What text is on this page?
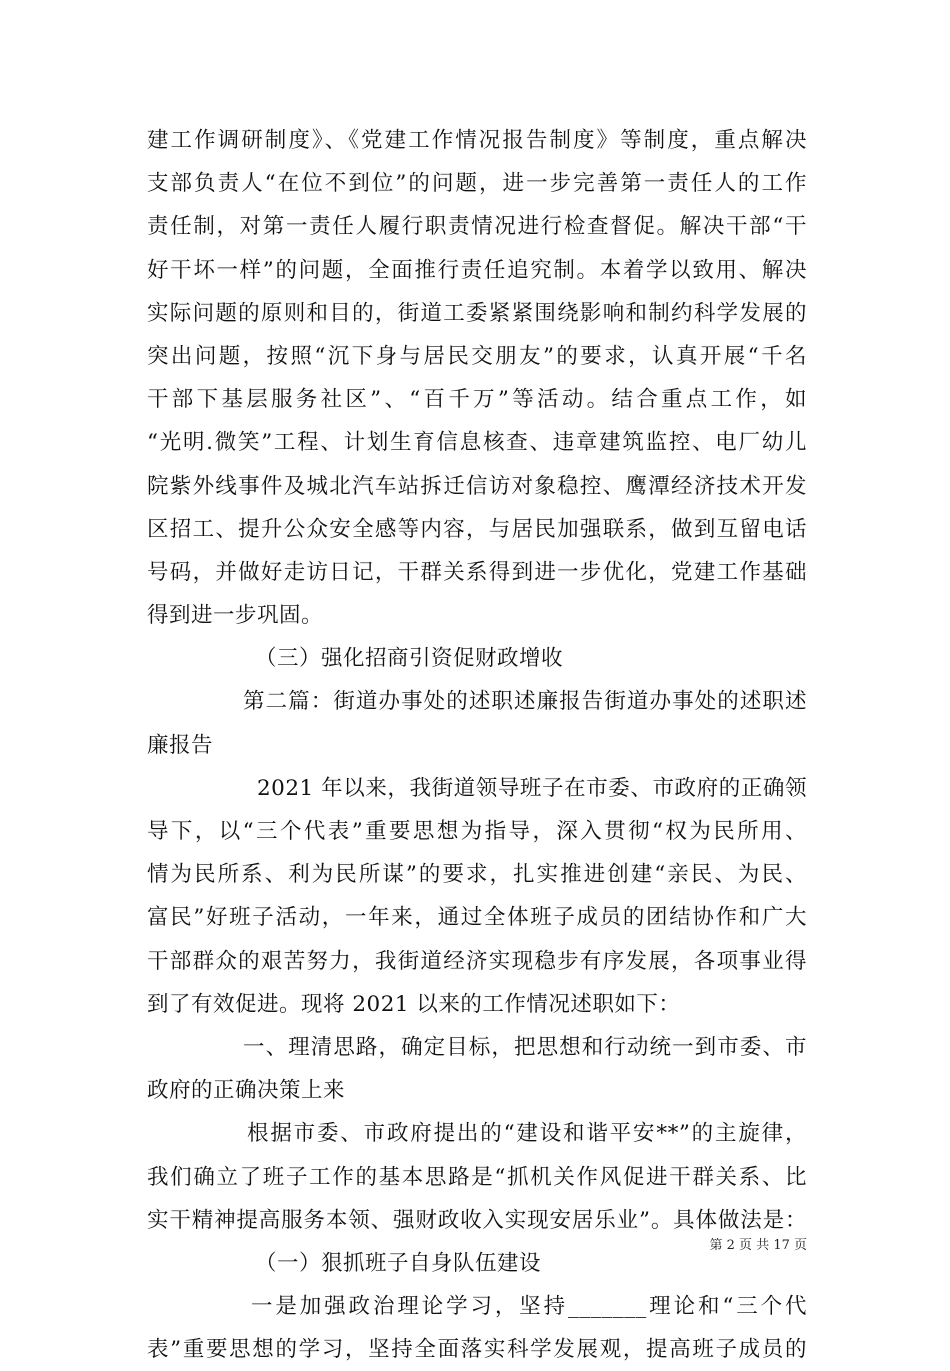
建工作调研制度》、《党建工作情况报告制度》等制度，重点解决
支部负责人“在位不到位”的问题，进一步完善第一责任人的工作
责任制，对第一责任人履行职责情况进行检查督促。解决干部“干
好干坏一样”的问题，全面推行责任追究制。本着学以致用、解决
实际问题的原则和目的，街道工委紧紧围绕影响和制约科学发展的
突出问题，按照“沉下身与居民交朋友”的要求，认真开展“千名
干部下基层服务社区”、“百千万”等活动。结合重点工作，如
“光明.微笑”工程、计划生育信息核查、违章建筑监控、电厂幼儿
院紫外线事件及城北汽车站拆迁信访对象稳控、鹰潭经济技术开发
区招工、提升公众安全感等内容，与居民加强联系，做到互留电话
号码，并做好走访日记，干群关系得到进一步优化，党建工作基础
得到进一步巩固。
（三）强化招商引资促财政增收
第二篇：街道办事处的述职述廉报告街道办事处的述职述
廉报告
2021 年以来，我街道领导班子在市委、市政府的正确领
导下，以“三个代表”重要思想为指导，深入贯彻“权为民所用、
情为民所系、利为民所谋”的要求，扎实推进创建“亲民、为民、
富民”好班子活动，一年来，通过全体班子成员的团结协作和广大
干部群众的艰苦努力，我街道经济实现稳步有序发展，各项事业得
到了有效促进。现将 2021 以来的工作情况述职如下：
一、理清思路，确定目标，把思想和行动统一到市委、市
政府的正确决策上来
根据市委、市政府提出的“建设和谐平安**”的主旋律，
我们确立了班子工作的基本思路是“抓机关作风促进干群关系、比
实干精神提高服务本领、强财政收入实现安居乐业”。具体做法是：
（一）狠抓班子自身队伍建设
一是加强政治理论学习，坚持_______理论和“三个代
表”重要思想的学习，坚持全面落实科学发展观，提高班子成员的
第 2 页 共 17 页
